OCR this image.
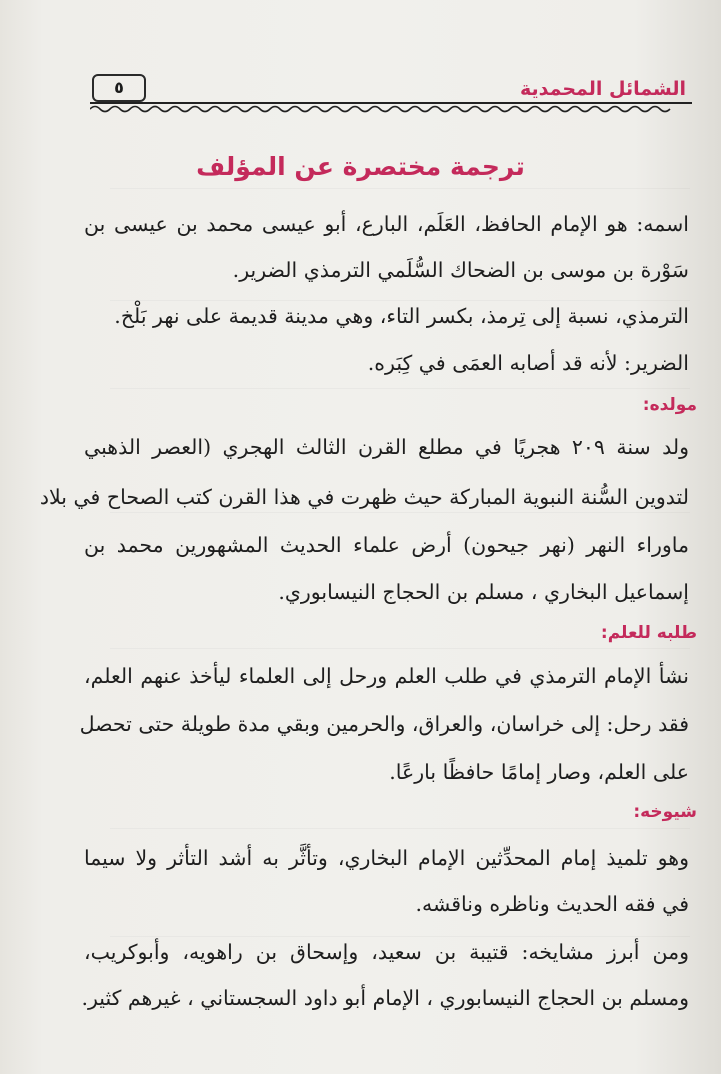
الشمائل المحمدية
٥
ترجمة مختصرة عن المؤلف
اسمه: هو الإمام الحافظ، العَلَم، البارع، أبو عيسى محمد بن عيسى بن
سَوْرة بن موسى بن الضحاك السُّلَمي الترمذي الضرير.
الترمذي، نسبة إلى تِرمذ، بكسر التاء، وهي مدينة قديمة على نهر بَلْخ.
الضرير: لأنه قد أصابه العمَى في كِبَره.
مولده:
ولد سنة ٢٠٩ هجريًا في مطلع القرن الثالث الهجري (العصر الذهبي
لتدوين السُّنة النبوية المباركة حيث ظهرت في هذا القرن كتب الصحاح في بلاد
ماوراء النهر (نهر جيحون) أرض علماء الحديث المشهورين محمد بن
إسماعيل البخاري ، مسلم بن الحجاج النيسابوري.
طلبه للعلم:
نشأ الإمام الترمذي في طلب العلم ورحل إلى العلماء ليأخذ عنهم العلم،
فقد رحل: إلى خراسان، والعراق، والحرمين وبقي مدة طويلة حتى تحصل
على العلم، وصار إمامًا حافظًا بارعًا.
شيوخه:
وهو تلميذ إمام المحدِّثين الإمام البخاري، وتأثَّر به أشد التأثر ولا سيما
في فقه الحديث وناظره وناقشه.
ومن أبرز مشايخه: قتيبة بن سعيد، وإسحاق بن راهويه، وأبوكريب،
ومسلم بن الحجاج النيسابوري ، الإمام أبو داود السجستاني ، غيرهم كثير.
